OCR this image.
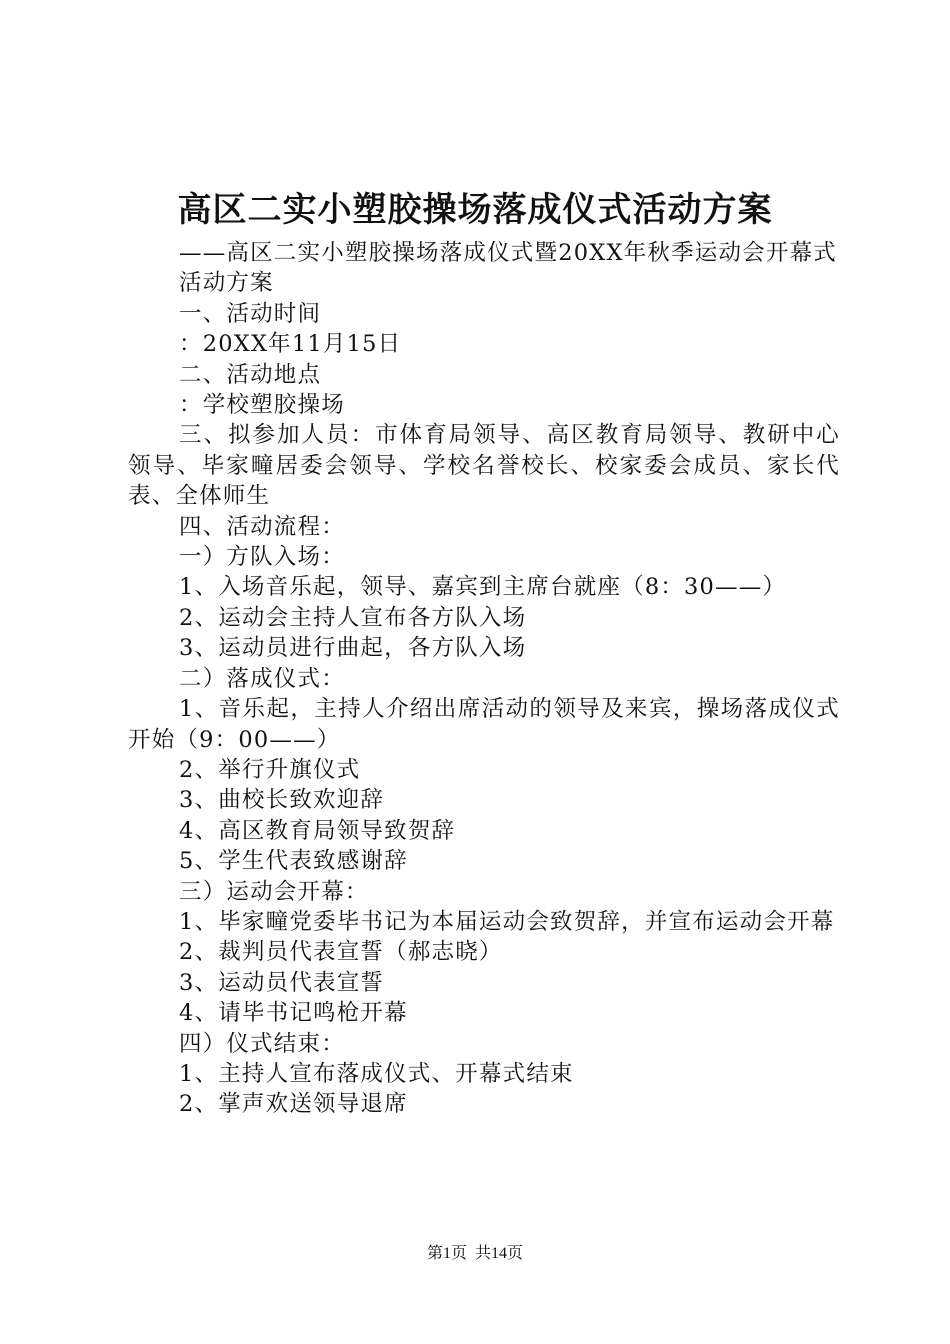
高区二实小塑胶操场落成仪式活动方案

——高区二实小塑胶操场落成仪式暨20XX年秋季运动会开幕式

活动方案

一、活动时间

：20XX年11月15日

二、活动地点

：学校塑胶操场

三、拟参加人员：市体育局领导、高区教育局领导、教研中心领导、毕家疃居委会领导、学校名誉校长、校家委会成员、家长代表、全体师生

四、活动流程：

一）方队入场：

1、入场音乐起，领导、嘉宾到主席台就座（8：30——）

2、运动会主持人宣布各方队入场

3、运动员进行曲起，各方队入场

二）落成仪式：

1、音乐起，主持人介绍出席活动的领导及来宾，操场落成仪式开始（9：00——）

2、举行升旗仪式

3、曲校长致欢迎辞

4、高区教育局领导致贺辞

5、学生代表致感谢辞

三）运动会开幕：

1、毕家疃党委毕书记为本届运动会致贺辞，并宣布运动会开幕

2、裁判员代表宣誓（郝志晓）

3、运动员代表宣誓

4、请毕书记鸣枪开幕

四）仪式结束：

1、主持人宣布落成仪式、开幕式结束

2、掌声欢送领导退席

第1页 共14页
